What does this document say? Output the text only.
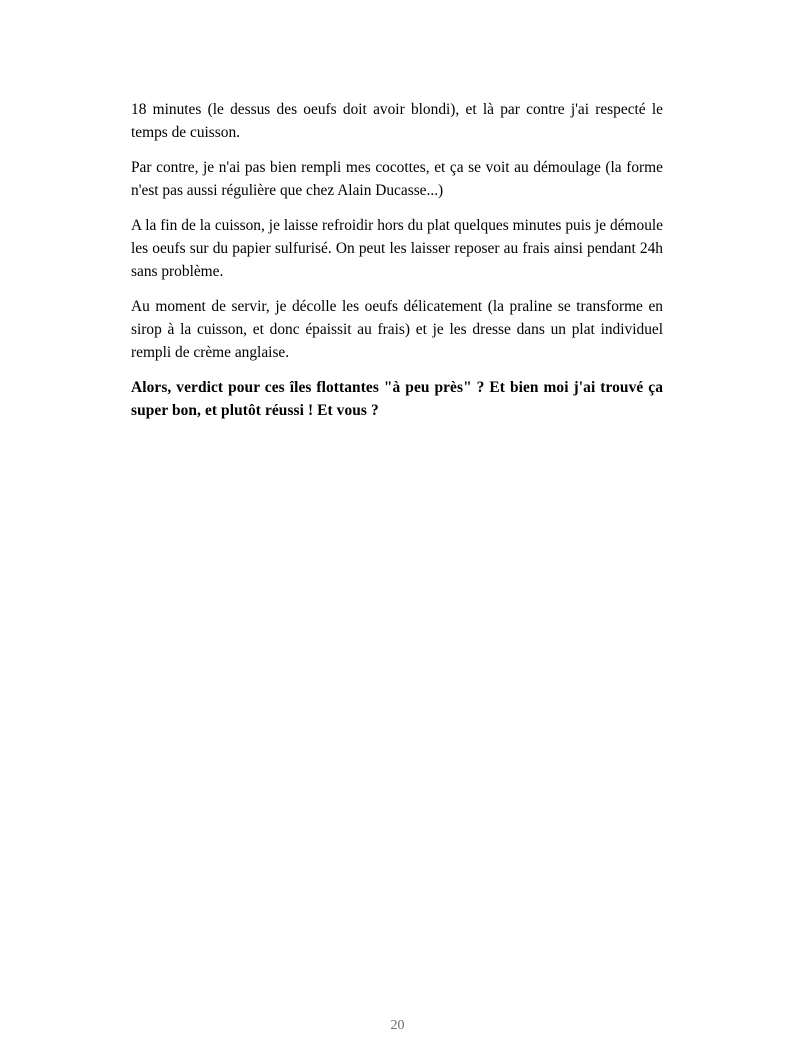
18 minutes (le dessus des oeufs doit avoir blondi), et là par contre j'ai respecté le temps de cuisson.

Par contre, je n'ai pas bien rempli mes cocottes, et ça se voit au démoulage (la forme n'est pas aussi régulière que chez Alain Ducasse...)

A la fin de la cuisson, je laisse refroidir hors du plat quelques minutes puis je démoule les oeufs sur du papier sulfurisé. On peut les laisser reposer au frais ainsi pendant 24h sans problème.

Au moment de servir, je décolle les oeufs délicatement (la praline se transforme en sirop à la cuisson, et donc épaissit au frais) et je les dresse dans un plat individuel rempli de crème anglaise.

Alors, verdict pour ces îles flottantes "à peu près" ? Et bien moi j'ai trouvé ça super bon, et plutôt réussi ! Et vous ?

20
